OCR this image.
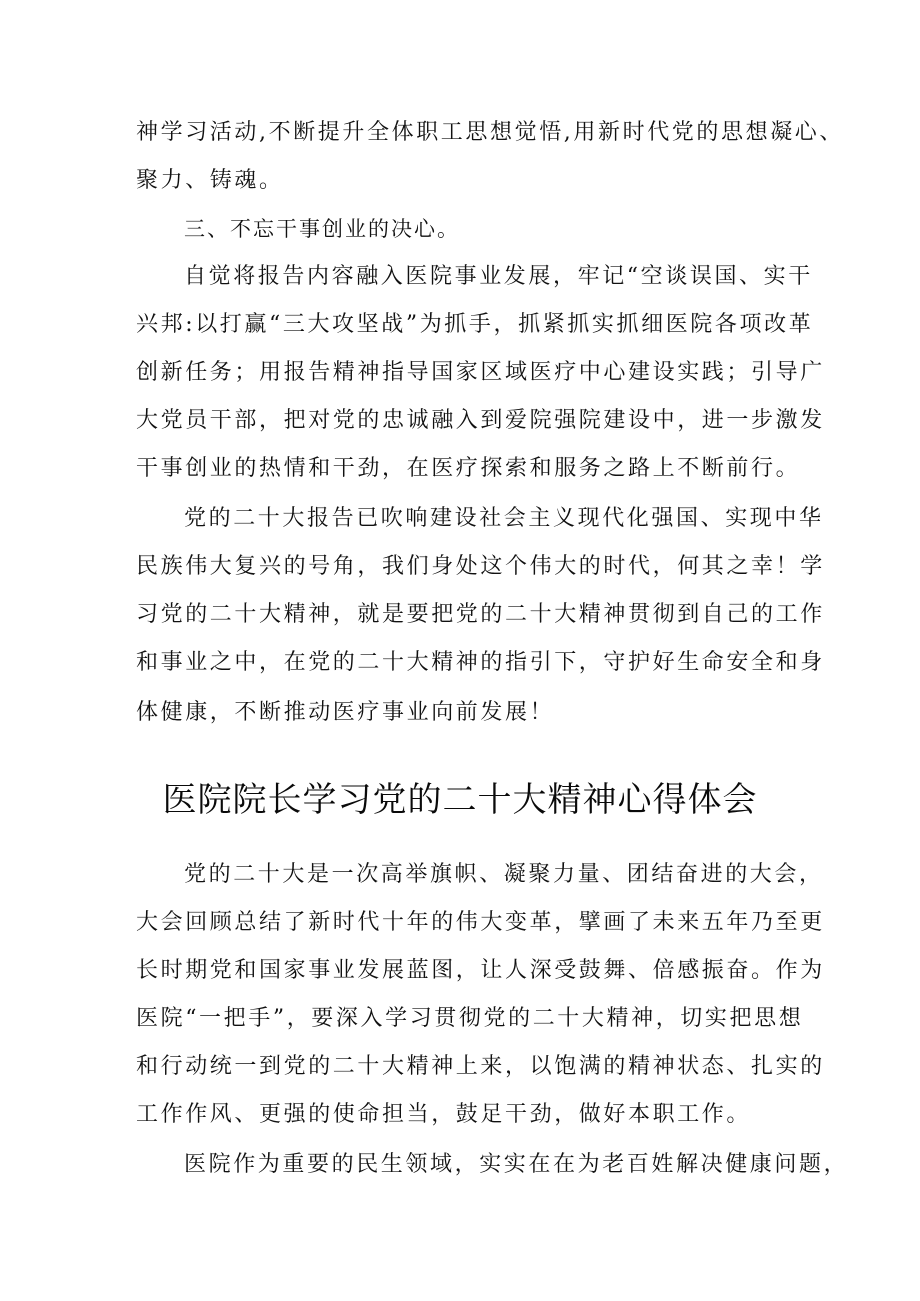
神学习活动,不断提升全体职工思想觉悟,用新时代党的思想凝心、
聚力、铸魂。
三、不忘干事创业的决心。
自觉将报告内容融入医院事业发展，牢记“空谈误国、实干
兴邦:以打赢“三大攻坚战”为抓手，抓紧抓实抓细医院各项改革
创新任务；用报告精神指导国家区域医疗中心建设实践；引导广
大党员干部，把对党的忠诚融入到爱院强院建设中，进一步激发
干事创业的热情和干劲，在医疗探索和服务之路上不断前行。
党的二十大报告已吹响建设社会主义现代化强国、实现中华
民族伟大复兴的号角，我们身处这个伟大的时代，何其之幸！学
习党的二十大精神，就是要把党的二十大精神贯彻到自己的工作
和事业之中，在党的二十大精神的指引下，守护好生命安全和身
体健康，不断推动医疗事业向前发展！
医院院长学习党的二十大精神心得体会
党的二十大是一次高举旗帜、凝聚力量、团结奋进的大会，
大会回顾总结了新时代十年的伟大变革，擘画了未来五年乃至更
长时期党和国家事业发展蓝图，让人深受鼓舞、倍感振奋。作为
医院“一把手”，要深入学习贯彻党的二十大精神，切实把思想
和行动统一到党的二十大精神上来，以饱满的精神状态、扎实的
工作作风、更强的使命担当，鼓足干劲，做好本职工作。
医院作为重要的民生领域，实实在在为老百姓解决健康问题，
